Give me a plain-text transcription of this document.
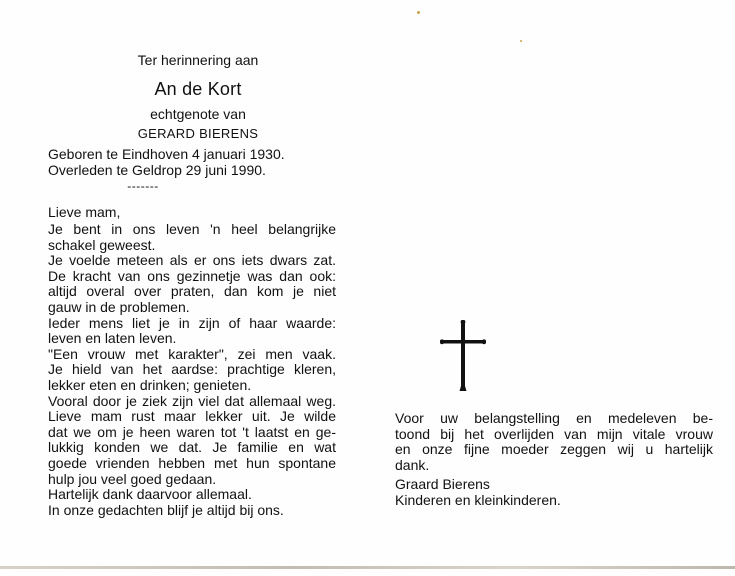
Ter herinnering aan
An de Kort
echtgenote van
GERARD BIERENS
Geboren te Eindhoven 4 januari 1930.
Overleden te Geldrop 29 juni 1990.
-------
Lieve mam,
Je bent in ons leven 'n heel belangrijke
schakel geweest.
Je voelde meteen als er ons iets dwars zat.
De kracht van ons gezinnetje was dan ook:
altijd overal over praten, dan kom je niet
gauw in de problemen.
Ieder mens liet je in zijn of haar waarde:
leven en laten leven.
"Een vrouw met karakter", zei men vaak.
Je hield van het aardse: prachtige kleren,
lekker eten en drinken; genieten.
Vooral door je ziek zijn viel dat allemaal weg.
Lieve mam rust maar lekker uit. Je wilde
dat we om je heen waren tot 't laatst en ge-
lukkig konden we dat. Je familie en wat
goede vrienden hebben met hun spontane
hulp jou veel goed gedaan.
Hartelijk dank daarvoor allemaal.
In onze gedachten blijf je altijd bij ons.
Voor uw belangstelling en medeleven be-
toond bij het overlijden van mijn vitale vrouw
en onze fijne moeder zeggen wij u hartelijk
dank.
Graard Bierens
Kinderen en kleinkinderen.
